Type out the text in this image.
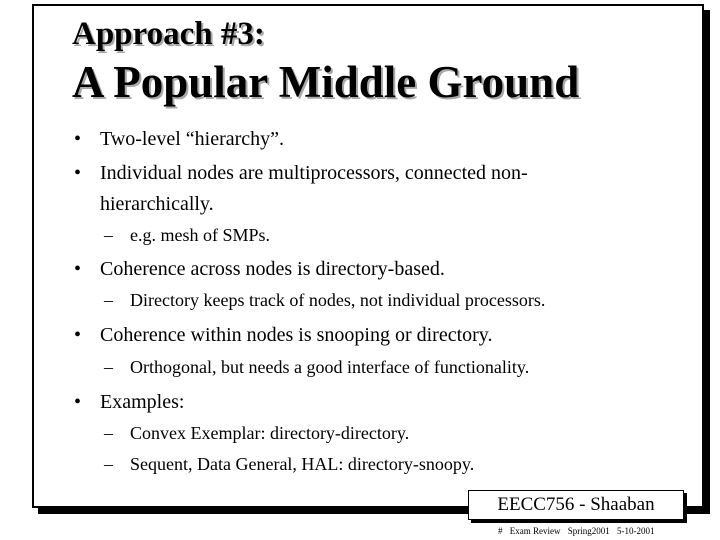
Approach #3:
A Popular Middle Ground
• Two-level “hierarchy”.
• Individual nodes are multiprocessors, connected non-
hierarchically.
– e.g. mesh of SMPs.
• Coherence across nodes is directory-based.
– Directory keeps track of nodes, not individual processors.
• Coherence within nodes is snooping or directory.
– Orthogonal, but needs a good interface of functionality.
• Examples:
– Convex Exemplar: directory-directory.
– Sequent, Data General, HAL: directory-snoopy.
EECC756 - Shaaban
# Exam Review Spring2001 5-10-2001
